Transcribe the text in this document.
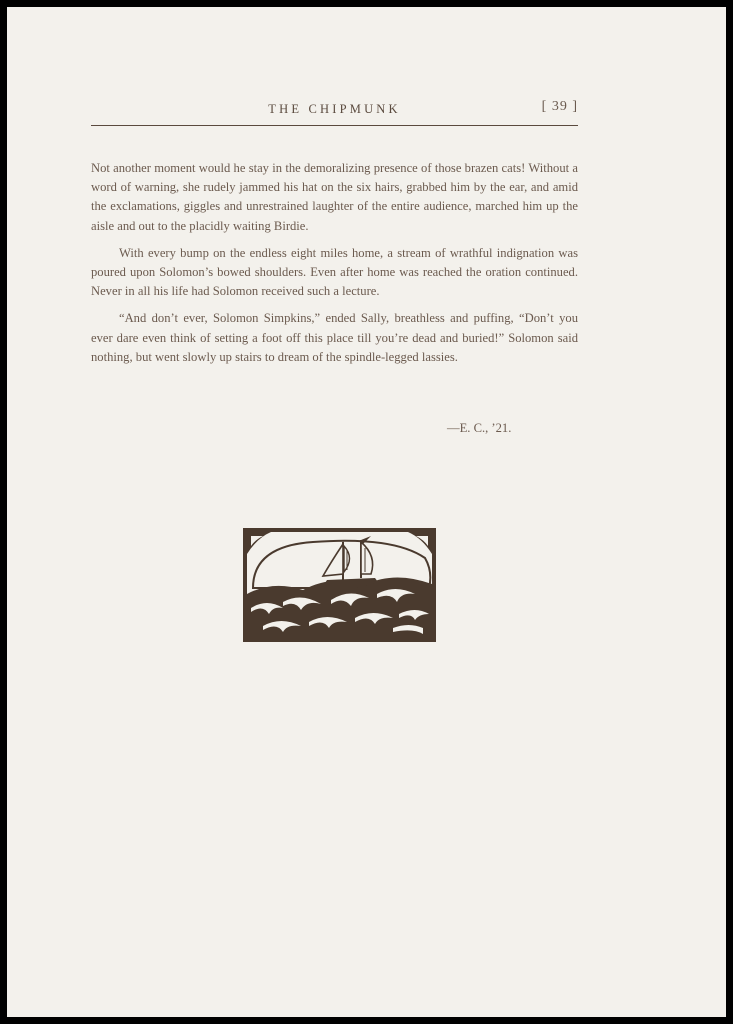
THE CHIPMUNK	[ 39 ]

Not another moment would he stay in the demoralizing presence of those brazen cats! Without a word of warning, she rudely jammed his hat on the six hairs, grabbed him by the ear, and amid the exclamations, giggles and unrestrained laughter of the entire audience, marched him up the aisle and out to the placidly waiting Birdie.

With every bump on the endless eight miles home, a stream of wrathful indignation was poured upon Solomon’s bowed shoulders. Even after home was reached the oration continued. Never in all his life had Solomon received such a lecture.

“And don’t ever, Solomon Simpkins,” ended Sally, breathless and puffing, “Don’t you ever dare even think of setting a foot off this place till you’re dead and buried!” Solomon said nothing, but went slowly up stairs to dream of the spindle-legged lassies.

—E. C., ’21.
